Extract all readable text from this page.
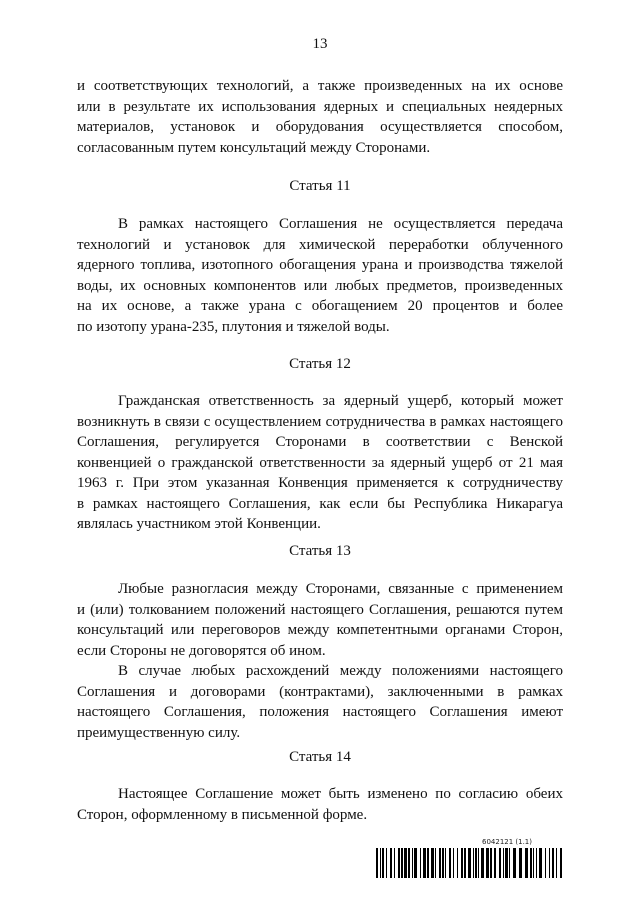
13
и соответствующих технологий, а также произведенных на их основе
или в результате их использования ядерных и специальных неядерных
материалов, установок и оборудования осуществляется способом,
согласованным путем консультаций между Сторонами.
Статья 11
В рамках настоящего Соглашения не осуществляется передача
технологий и установок для химической переработки облученного
ядерного топлива, изотопного обогащения урана и производства тяжелой
воды, их основных компонентов или любых предметов, произведенных
на их основе, а также урана с обогащением 20 процентов и более
по изотопу урана-235, плутония и тяжелой воды.
Статья 12
Гражданская ответственность за ядерный ущерб, который может
возникнуть в связи с осуществлением сотрудничества в рамках настоящего
Соглашения, регулируется Сторонами в соответствии с Венской
конвенцией о гражданской ответственности за ядерный ущерб от 21 мая
1963 г. При этом указанная Конвенция применяется к сотрудничеству
в рамках настоящего Соглашения, как если бы Республика Никарагуа
являлась участником этой Конвенции.
Статья 13
Любые разногласия между Сторонами, связанные с применением
и (или) толкованием положений настоящего Соглашения, решаются путем
консультаций или переговоров между компетентными органами Сторон,
если Стороны не договорятся об ином.
В случае любых расхождений между положениями настоящего
Соглашения и договорами (контрактами), заключенными в рамках
настоящего Соглашения, положения настоящего Соглашения имеют
преимущественную силу.
Статья 14
Настоящее Соглашение может быть изменено по согласию обеих
Сторон, оформленному в письменной форме.
6042121 (1.1)
